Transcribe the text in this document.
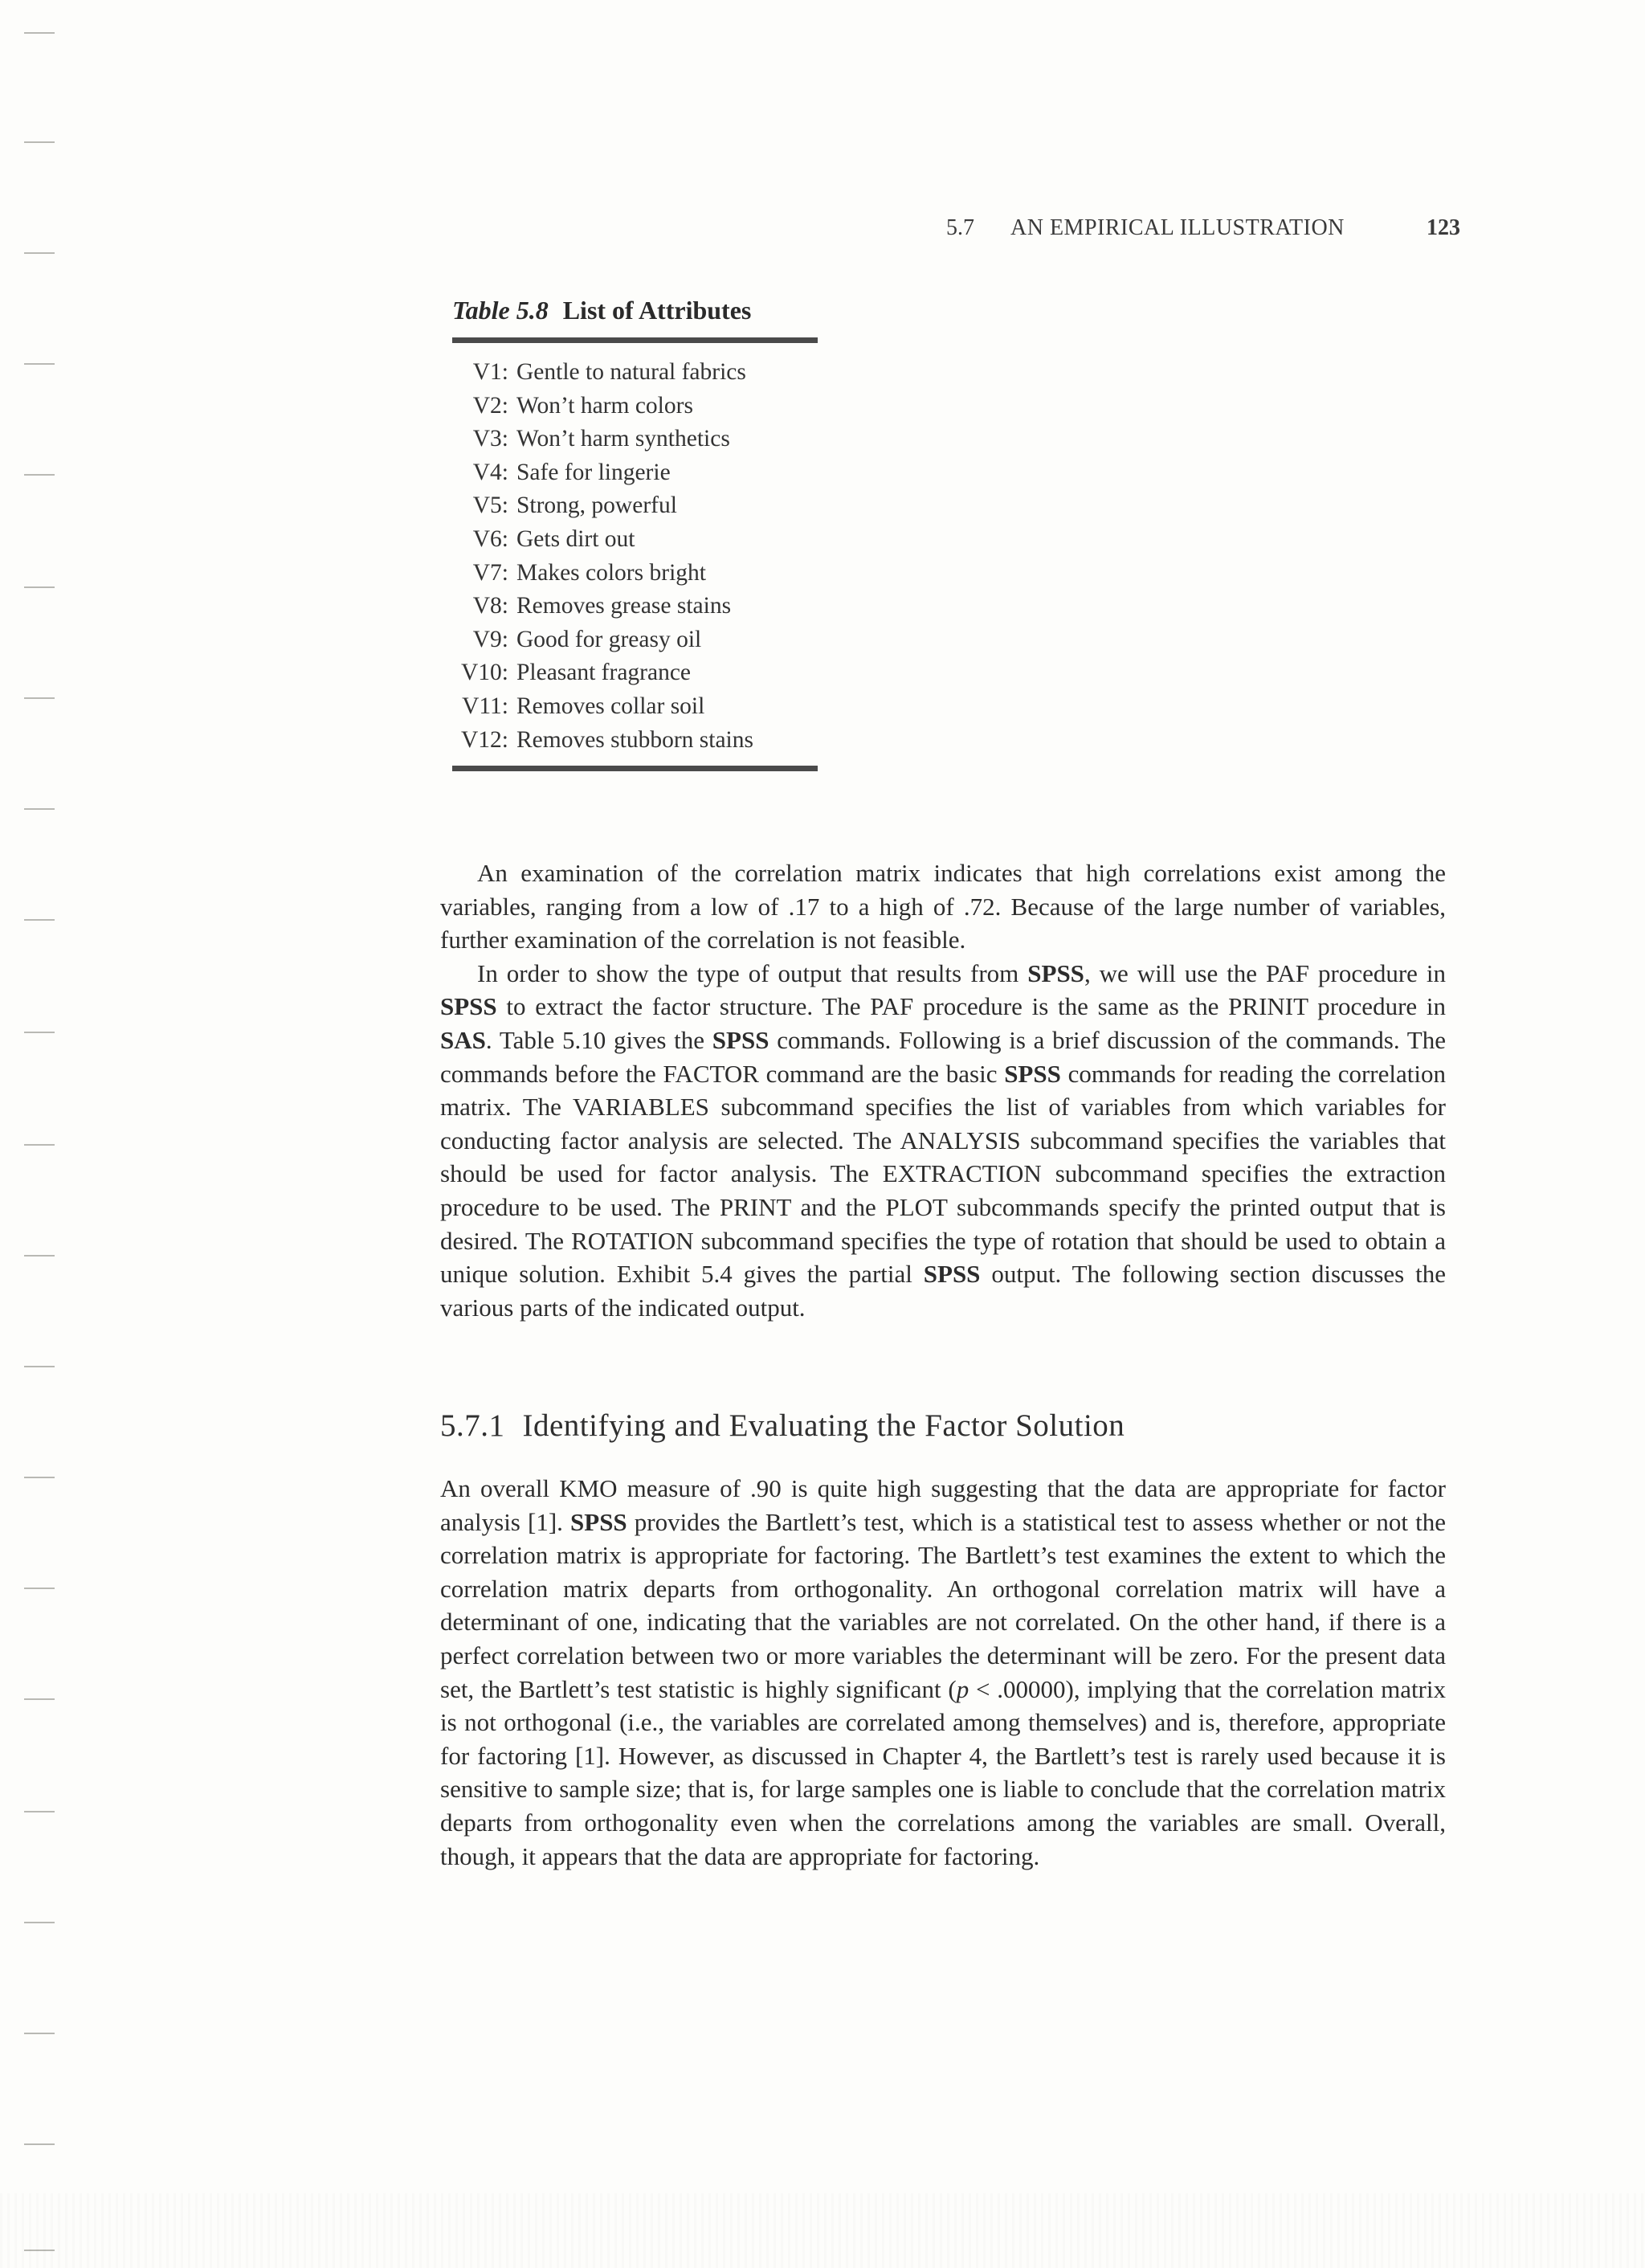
5.7 AN EMPIRICAL ILLUSTRATION	123
Table 5.8 List of Attributes
V1: Gentle to natural fabrics
V2: Won’t harm colors
V3: Won’t harm synthetics
V4: Safe for lingerie
V5: Strong, powerful
V6: Gets dirt out
V7: Makes colors bright
V8: Removes grease stains
V9: Good for greasy oil
V10: Pleasant fragrance
V11: Removes collar soil
V12: Removes stubborn stains

An examination of the correlation matrix indicates that high correlations exist among the variables, ranging from a low of .17 to a high of .72. Because of the large number of variables, further examination of the correlation is not feasible.

In order to show the type of output that results from SPSS, we will use the PAF procedure in SPSS to extract the factor structure. The PAF procedure is the same as the PRINIT procedure in SAS. Table 5.10 gives the SPSS commands. Following is a brief discussion of the commands. The commands before the FACTOR command are the basic SPSS commands for reading the correlation matrix. The VARIABLES subcommand specifies the list of variables from which variables for conducting factor analysis are selected. The ANALYSIS subcommand specifies the variables that should be used for factor analysis. The EXTRACTION subcommand specifies the extraction procedure to be used. The PRINT and the PLOT subcommands specify the printed output that is desired. The ROTATION subcommand specifies the type of rotation that should be used to obtain a unique solution. Exhibit 5.4 gives the partial SPSS output. The following section discusses the various parts of the indicated output.

5.7.1 Identifying and Evaluating the Factor Solution

An overall KMO measure of .90 is quite high suggesting that the data are appropriate for factor analysis [1]. SPSS provides the Bartlett’s test, which is a statistical test to assess whether or not the correlation matrix is appropriate for factoring. The Bartlett’s test examines the extent to which the correlation matrix departs from orthogonality. An orthogonal correlation matrix will have a determinant of one, indicating that the variables are not correlated. On the other hand, if there is a perfect correlation between two or more variables the determinant will be zero. For the present data set, the Bartlett’s test statistic is highly significant (p < .00000), implying that the correlation matrix is not orthogonal (i.e., the variables are correlated among themselves) and is, therefore, appropriate for factoring [1]. However, as discussed in Chapter 4, the Bartlett’s test is rarely used because it is sensitive to sample size; that is, for large samples one is liable to conclude that the correlation matrix departs from orthogonality even when the correlations among the variables are small. Overall, though, it appears that the data are appropriate for factoring.
